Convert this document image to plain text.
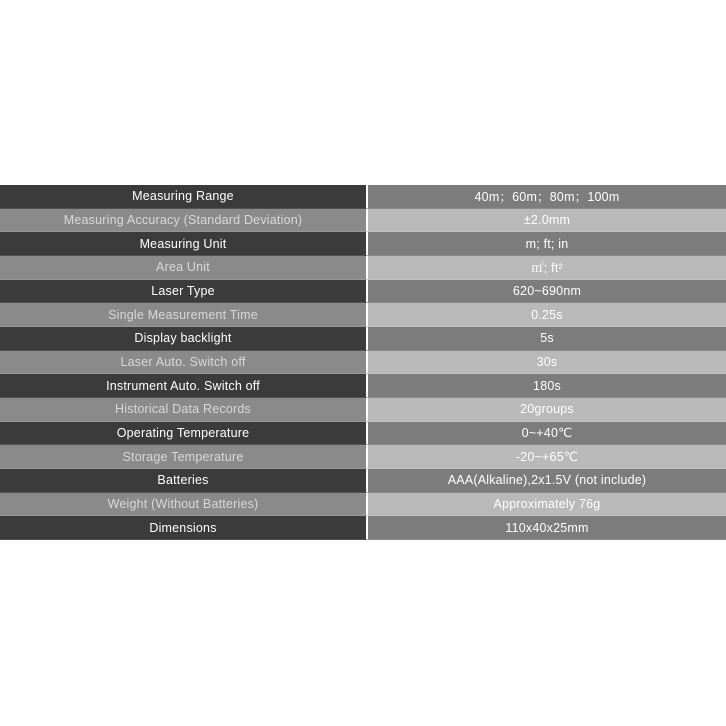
Measuring Range	40m；60m；80m；100m
Measuring Accuracy (Standard Deviation)	±2.0mm
Measuring Unit	m; ft; in
Area Unit	㎡; ft²
Laser Type	620~690nm
Single Measurement Time	0.25s
Display backlight	5s
Laser Auto. Switch off	30s
Instrument Auto. Switch off	180s
Historical Data Records	20groups
Operating Temperature	0~+40℃
Storage Temperature	-20~+65℃
Batteries	AAA(Alkaline),2x1.5V (not include)
Weight (Without Batteries)	Approximately 76g
Dimensions	110x40x25mm
